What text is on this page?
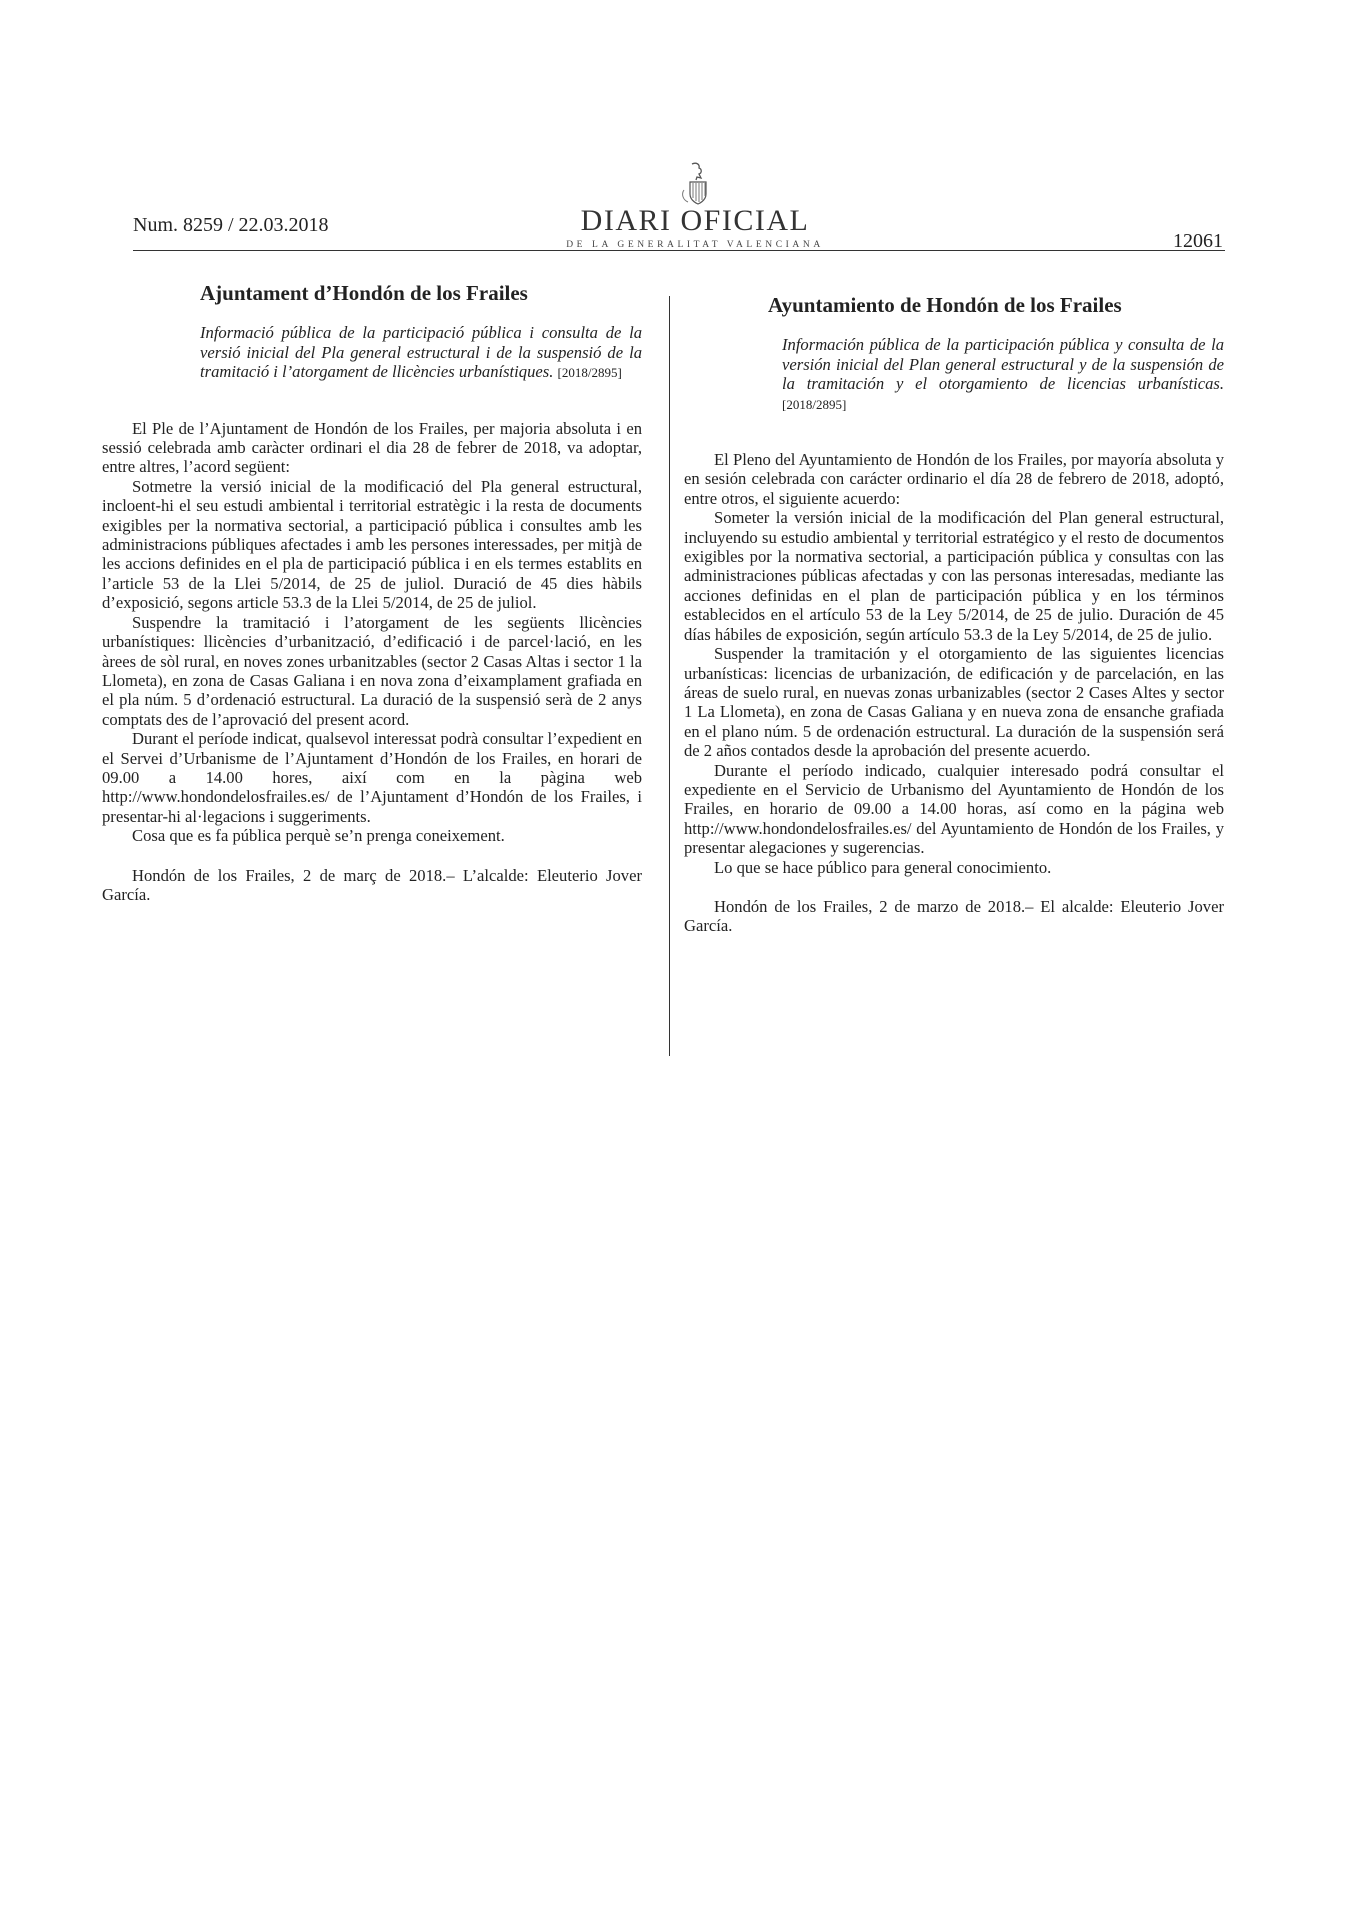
Num. 8259 / 22.03.2018	DIARI OFICIAL
DE LA GENERALITAT VALENCIANA	12061
Ajuntament d’Hondón de los Frailes

Informació pública de la participació pública i consulta de la versió inicial del Pla general estructural i de la suspensió de la tramitació i l’atorgament de llicències urbanístiques. [2018/2895]

El Ple de l’Ajuntament de Hondón de los Frailes, per majoria absoluta i en sessió celebrada amb caràcter ordinari el dia 28 de febrer de 2018, va adoptar, entre altres, l’acord següent:

Sotmetre la versió inicial de la modificació del Pla general estructural, incloent-hi el seu estudi ambiental i territorial estratègic i la resta de documents exigibles per la normativa sectorial, a participació pública i consultes amb les administracions públiques afectades i amb les persones interessades, per mitjà de les accions definides en el pla de participació pública i en els termes establits en l’article 53 de la Llei 5/2014, de 25 de juliol. Duració de 45 dies hàbils d’exposició, segons article 53.3 de la Llei 5/2014, de 25 de juliol.

Suspendre la tramitació i l’atorgament de les següents llicències urbanístiques: llicències d’urbanització, d’edificació i de parcel·lació, en les àrees de sòl rural, en noves zones urbanitzables (sector 2 Casas Altas i sector 1 la Llometa), en zona de Casas Galiana i en nova zona d’eixamplament grafiada en el pla núm. 5 d’ordenació estructural. La duració de la suspensió serà de 2 anys comptats des de l’aprovació del present acord.

Durant el període indicat, qualsevol interessat podrà consultar l’expedient en el Servei d’Urbanisme de l’Ajuntament d’Hondón de los Frailes, en horari de 09.00 a 14.00 hores, així com en la pàgina web http://www.hondondelosfrailes.es/ de l’Ajuntament d’Hondón de los Frailes, i presentar-hi al·legacions i suggeriments.

Cosa que es fa pública perquè se’n prenga coneixement.

Hondón de los Frailes, 2 de març de 2018.– L’alcalde: Eleuterio Jover García.

Ayuntamiento de Hondón de los Frailes

Información pública de la participación pública y consulta de la versión inicial del Plan general estructural y de la suspensión de la tramitación y el otorgamiento de licencias urbanísticas. [2018/2895]

El Pleno del Ayuntamiento de Hondón de los Frailes, por mayoría absoluta y en sesión celebrada con carácter ordinario el día 28 de febrero de 2018, adoptó, entre otros, el siguiente acuerdo:

Someter la versión inicial de la modificación del Plan general estructural, incluyendo su estudio ambiental y territorial estratégico y el resto de documentos exigibles por la normativa sectorial, a participación pública y consultas con las administraciones públicas afectadas y con las personas interesadas, mediante las acciones definidas en el plan de participación pública y en los términos establecidos en el artículo 53 de la Ley 5/2014, de 25 de julio. Duración de 45 días hábiles de exposición, según artículo 53.3 de la Ley 5/2014, de 25 de julio.

Suspender la tramitación y el otorgamiento de las siguientes licencias urbanísticas: licencias de urbanización, de edificación y de parcelación, en las áreas de suelo rural, en nuevas zonas urbanizables (sector 2 Cases Altes y sector 1 La Llometa), en zona de Casas Galiana y en nueva zona de ensanche grafiada en el plano núm. 5 de ordenación estructural. La duración de la suspensión será de 2 años contados desde la aprobación del presente acuerdo.

Durante el período indicado, cualquier interesado podrá consultar el expediente en el Servicio de Urbanismo del Ayuntamiento de Hondón de los Frailes, en horario de 09.00 a 14.00 horas, así como en la página web http://www.hondondelosfrailes.es/ del Ayuntamiento de Hondón de los Frailes, y presentar alegaciones y sugerencias.

Lo que se hace público para general conocimiento.

Hondón de los Frailes, 2 de marzo de 2018.– El alcalde: Eleuterio Jover García.
